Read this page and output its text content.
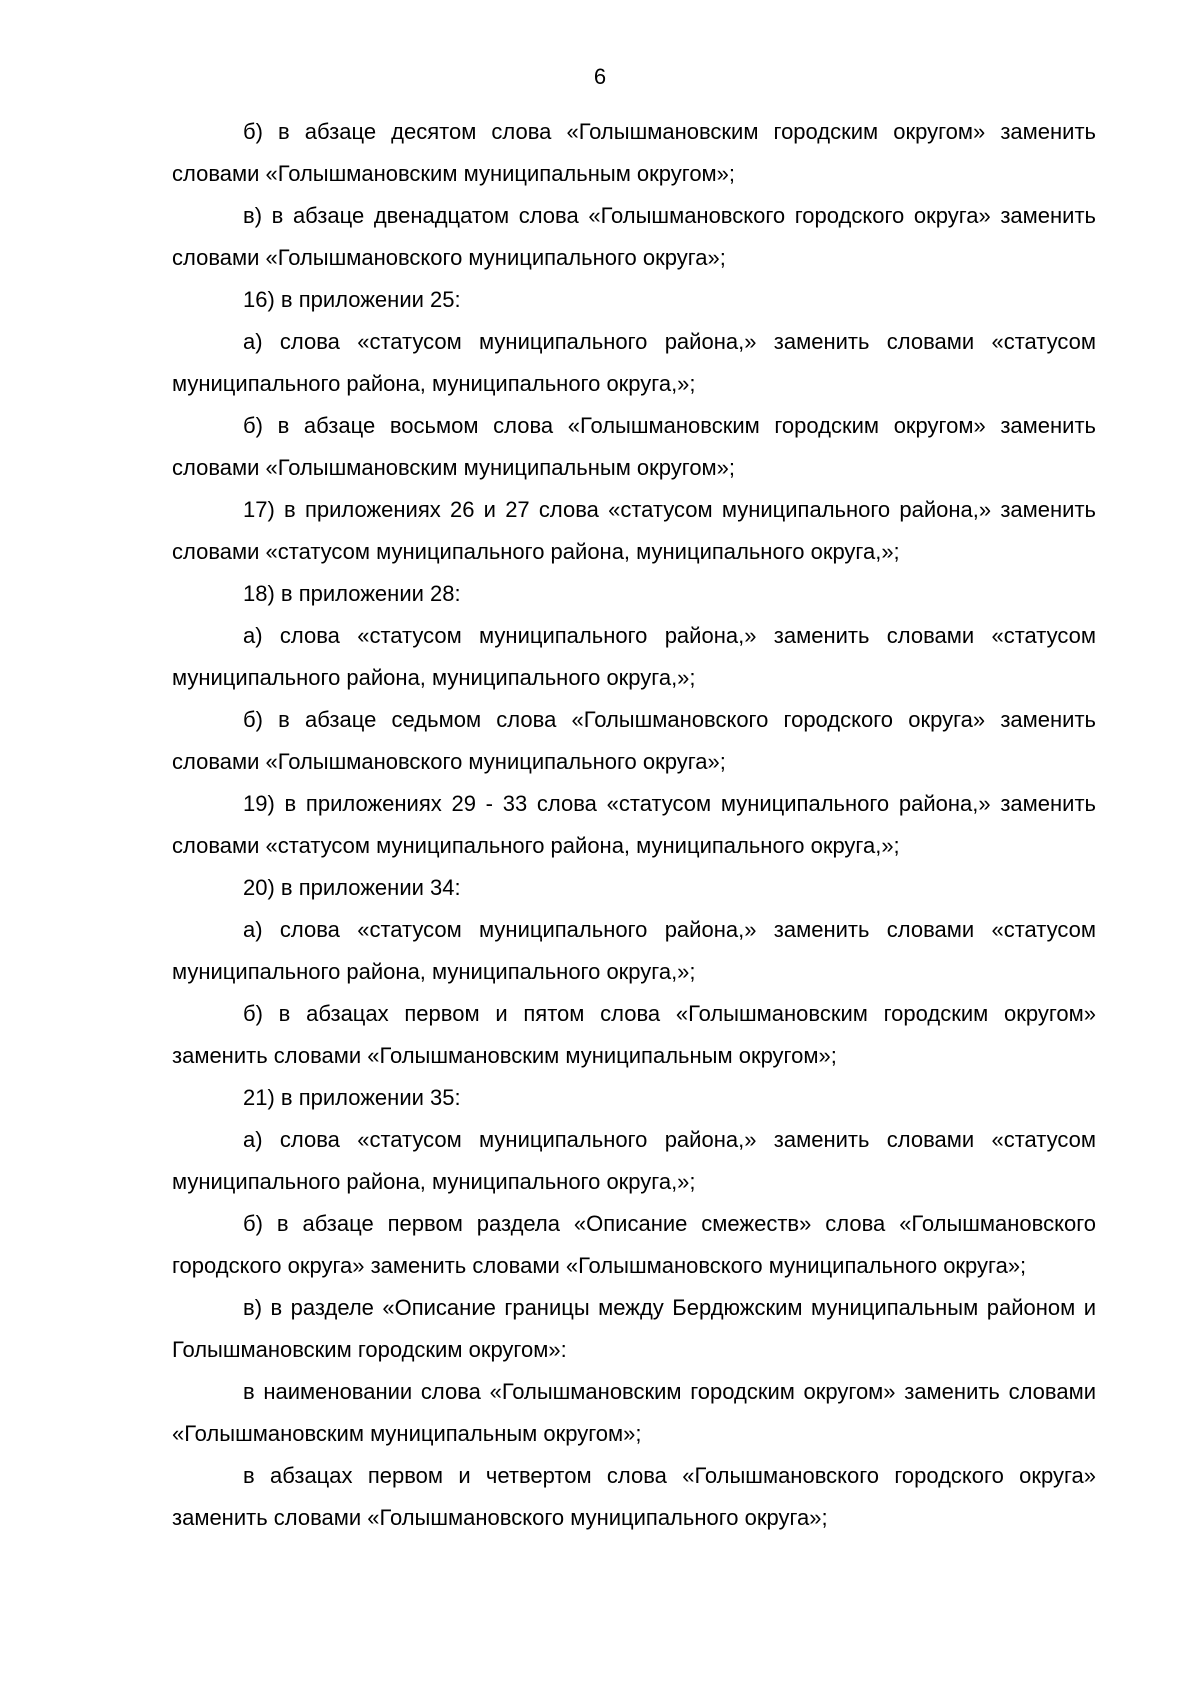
6

б) в абзаце десятом слова «Голышмановским городским округом» заменить словами «Голышмановским муниципальным округом»;

в) в абзаце двенадцатом слова «Голышмановского городского округа» заменить словами «Голышмановского муниципального округа»;

16) в приложении 25:

а) слова «статусом муниципального района,» заменить словами «статусом муниципального района, муниципального округа,»;

б) в абзаце восьмом слова «Голышмановским городским округом» заменить словами «Голышмановским муниципальным округом»;

17) в приложениях 26 и 27 слова «статусом муниципального района,» заменить словами «статусом муниципального района, муниципального округа,»;

18) в приложении 28:

а) слова «статусом муниципального района,» заменить словами «статусом муниципального района, муниципального округа,»;

б) в абзаце седьмом слова «Голышмановского городского округа» заменить словами «Голышмановского муниципального округа»;

19) в приложениях 29 - 33 слова «статусом муниципального района,» заменить словами «статусом муниципального района, муниципального округа,»;

20) в приложении 34:

а) слова «статусом муниципального района,» заменить словами «статусом муниципального района, муниципального округа,»;

б) в абзацах первом и пятом слова «Голышмановским городским округом» заменить словами «Голышмановским муниципальным округом»;

21) в приложении 35:

а) слова «статусом муниципального района,» заменить словами «статусом муниципального района, муниципального округа,»;

б) в абзаце первом раздела «Описание смежеств» слова «Голышмановского городского округа» заменить словами «Голышмановского муниципального округа»;

в) в разделе «Описание границы между Бердюжским муниципальным районом и Голышмановским городским округом»:

в наименовании слова «Голышмановским городским округом» заменить словами «Голышмановским муниципальным округом»;

в абзацах первом и четвертом слова «Голышмановского городского округа» заменить словами «Голышмановского муниципального округа»;
